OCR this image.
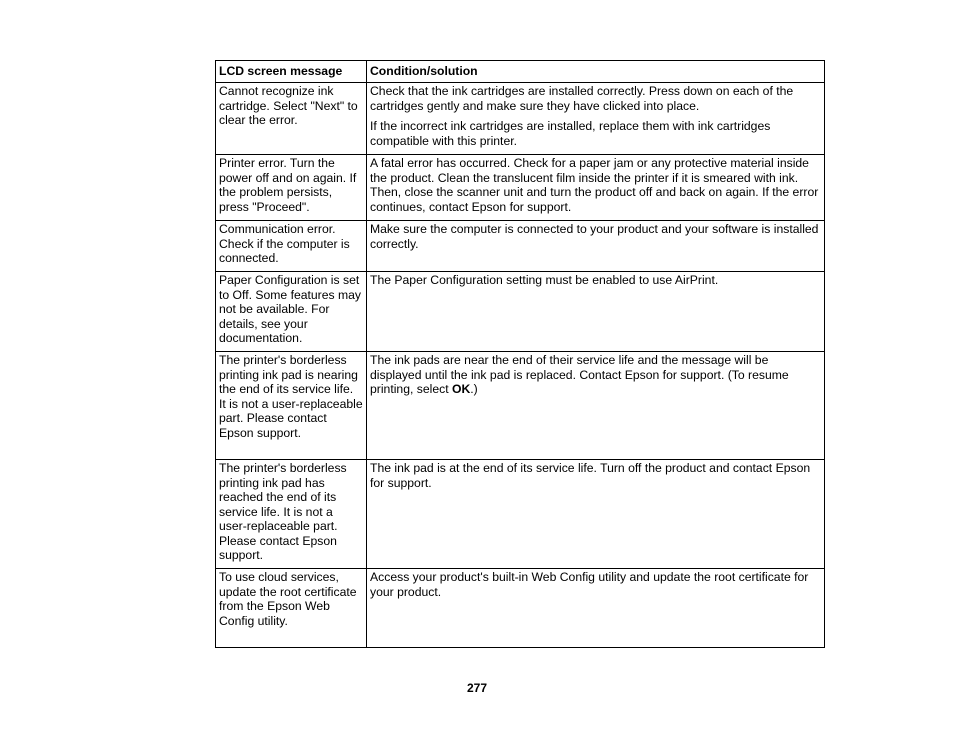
LCD screen message	Condition/solution
Cannot recognize ink cartridge. Select "Next" to clear the error.	Check that the ink cartridges are installed correctly. Press down on each of the cartridges gently and make sure they have clicked into place.

If the incorrect ink cartridges are installed, replace them with ink cartridges compatible with this printer.

Printer error. Turn the power off and on again. If the problem persists, press "Proceed".	A fatal error has occurred. Check for a paper jam or any protective material inside the product. Clean the translucent film inside the printer if it is smeared with ink. Then, close the scanner unit and turn the product off and back on again. If the error continues, contact Epson for support.

Communication error. Check if the computer is connected.	Make sure the computer is connected to your product and your software is installed correctly.

Paper Configuration is set to Off. Some features may not be available. For details, see your documentation.	The Paper Configuration setting must be enabled to use AirPrint.

The printer's borderless printing ink pad is nearing the end of its service life. It is not a user-replaceable part. Please contact Epson support.	The ink pads are near the end of their service life and the message will be displayed until the ink pad is replaced. Contact Epson for support. (To resume printing, select OK.)

The printer's borderless printing ink pad has reached the end of its service life. It is not a user-replaceable part. Please contact Epson support.	The ink pad is at the end of its service life. Turn off the product and contact Epson for support.

To use cloud services, update the root certificate from the Epson Web Config utility.	Access your product's built-in Web Config utility and update the root certificate for your product.

277
